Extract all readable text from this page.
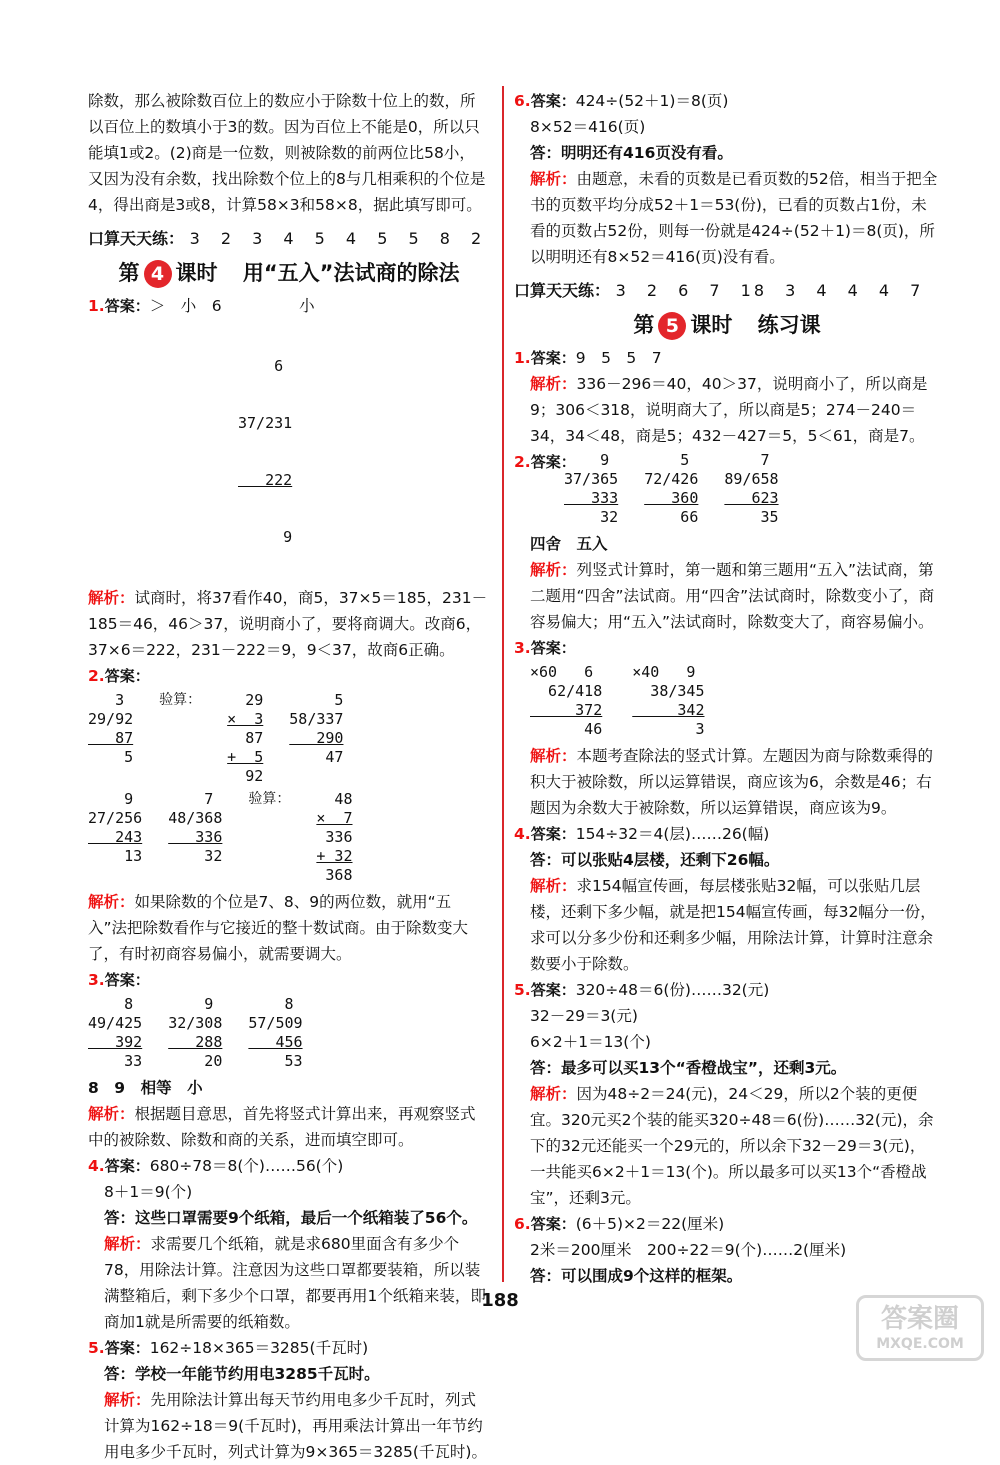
除数，那么被除数百位上的数应小于除数十位上的数，所以百位上的数填小于3的数。因为百位上不能是0，所以只能填1或2。(2)商是一位数，则被除数的前两位比58小，又因为没有余数，找出除数个位上的8与几相乘积的个位是4，得出商是3或8，计算58×3和58×8，据此填写即可。

口算天天练： 3 2 3 4 5 4 5 5 8 2
第 4 课时 用“五入”法试商的除法
1.答案：＞　小　6　　　　　小

6

37/231

222

9

解析：试商时，将37看作40，商5，37×5＝185，231－185＝46，46＞37，说明商小了，要将商调大。改商6，37×6＝222，231－222＝9，9＜37，故商6正确。

2.答案：
3
29/92
87
5
验算： 29
×  3
87
+  5
92
5
58/337
290
47
9
27/256
243
13
7
48/368
336
32
验算： 48
×  7
336
+ 32
368

解析：如果除数的个位是7、8、9的两位数，就用“五入”法把除数看作与它接近的整十数试商。由于除数变大了，有时初商容易偏小，就需要调大。

3.答案：
8
49/425
392
33
9
32/308
288
20
8
57/509
456
53
8　9　相等　小

解析：根据题目意思，首先将竖式计算出来，再观察竖式中的被除数、除数和商的关系，进而填空即可。

4.答案：680÷78＝8(个)……56(个)
8＋1＝9(个)

答：这些口罩需要9个纸箱，最后一个纸箱装了56个。

解析：求需要几个纸箱，就是求680里面含有多少个78，用除法计算。注意因为这些口罩都要装箱，所以装满整箱后，剩下多少个口罩，都要再用1个纸箱来装，即商加1就是所需要的纸箱数。

5.答案：162÷18×365＝3285(千瓦时)

答：学校一年能节约用电3285千瓦时。

解析：先用除法计算出每天节约用电多少千瓦时，列式计算为162÷18＝9(千瓦时)，再用乘法计算出一年节约用电多少千瓦时，列式计算为9×365＝3285(千瓦时)。

6.答案：424÷(52＋1)＝8(页)
8×52＝416(页)

答：明明还有416页没有看。

解析：由题意，未看的页数是已看页数的52倍，相当于把全书的页数平均分成52＋1＝53(份)，已看的页数占1份，未看的页数占52份，则每一份就是424÷(52＋1)＝8(页)，所以明明还有8×52＝416(页)没有看。

口算天天练： 3 2 6 7 18 3 4 4 4 7
第 5 课时 练习课
1.答案：9　5　5　7

解析：336－296＝40，40＞37，说明商小了，所以商是9；306＜318，说明商大了，所以商是5；274－240＝34，34＜48，商是5；432－427＝5，5＜61，商是7。

2.答案：
9
37/365
333
32
5
72/426
360
66
7
89/658
623
35
四舍　五入

解析：列竖式计算时，第一题和第三题用“五入”法试商，第二题用“四舍”法试商。用“四舍”法试商时，除数变小了，商容易偏大；用“五入”法试商时，除数变大了，商容易偏小。

3.答案：
×60   6
62/418
372
46
×40   9
38/345
342
3

解析：本题考查除法的竖式计算。左题因为商与除数乘得的积大于被除数，所以运算错误，商应该为6，余数是46；右题因为余数大于被除数，所以运算错误，商应该为9。

4.答案：154÷32＝4(层)……26(幅)

答：可以张贴4层楼，还剩下26幅。

解析：求154幅宣传画，每层楼张贴32幅，可以张贴几层楼，还剩下多少幅，就是把154幅宣传画，每32幅分一份，求可以分多少份和还剩多少幅，用除法计算，计算时注意余数要小于除数。

5.答案：320÷48＝6(份)……32(元)
32－29＝3(元)
6×2＋1＝13(个)

答：最多可以买13个“香橙战宝”，还剩3元。

解析：因为48÷2＝24(元)，24＜29，所以2个装的更便宜。320元买2个装的能买320÷48＝6(份)……32(元)，余下的32元还能买一个29元的，所以余下32－29＝3(元)，一共能买6×2＋1＝13(个)。所以最多可以买13个“香橙战宝”，还剩3元。

6.答案：(6＋5)×2＝22(厘米)
2米＝200厘米　200÷22＝9(个)……2(厘米)

答：可以围成9个这样的框架。

188
答案圈
MXQE.COM
